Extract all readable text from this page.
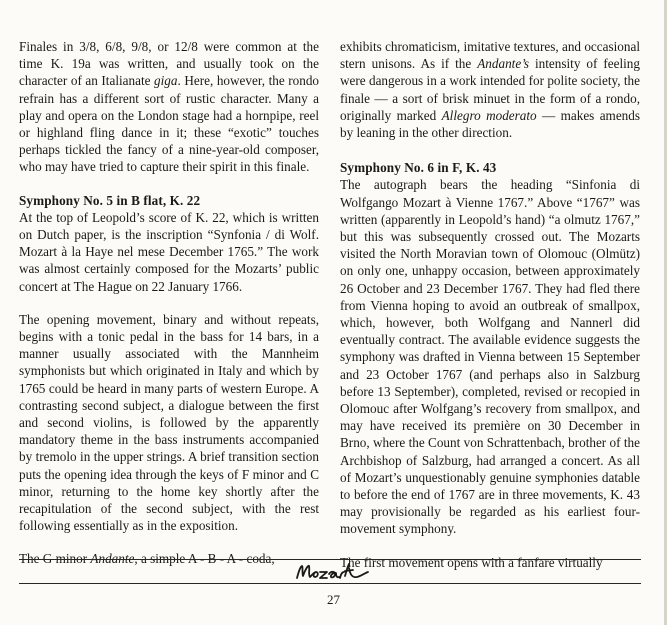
Finales in 3/8, 6/8, 9/8, or 12/8 were common at the time K. 19a was written, and usually took on the character of an Italianate giga. Here, however, the rondo refrain has a different sort of rustic character. Many a play and opera on the London stage had a hornpipe, reel or highland fling dance in it; these “exotic” touches perhaps tickled the fancy of a nine-year-old composer, who may have tried to capture their spirit in this finale.

Symphony No. 5 in B flat, K. 22

At the top of Leopold’s score of K. 22, which is written on Dutch paper, is the inscription “Synfonia / di Wolf. Mozart à la Haye nel mese December 1765.” The work was almost certainly composed for the Mozarts’ public concert at The Hague on 22 January 1766.

The opening movement, binary and without repeats, begins with a tonic pedal in the bass for 14 bars, in a manner usually associated with the Mannheim symphonists but which originated in Italy and which by 1765 could be heard in many parts of western Europe. A contrasting second subject, a dialogue between the first and second violins, is followed by the apparently mandatory theme in the bass instruments accompanied by tremolo in the upper strings. A brief transition section puts the opening idea through the keys of F minor and C minor, returning to the home key shortly after the recapitulation of the second subject, with the rest following essentially as in the exposition.

The G minor Andante, a simple A - B - A - coda,

exhibits chromaticism, imitative textures, and occasional stern unisons. As if the Andante’s intensity of feeling were dangerous in a work intended for polite society, the finale — a sort of brisk minuet in the form of a rondo, originally marked Allegro moderato — makes amends by leaning in the other direction.

Symphony No. 6 in F, K. 43

The autograph bears the heading “Sinfonia di Wolfgango Mozart à Vienne 1767.” Above “1767” was written (apparently in Leopold’s hand) “a olmutz 1767,” but this was subsequently crossed out. The Mozarts visited the North Moravian town of Olomouc (Olmütz) on only one, unhappy occasion, between approximately 26 October and 23 December 1767. They had fled there from Vienna hoping to avoid an outbreak of smallpox, which, however, both Wolfgang and Nannerl did eventually contract. The available evidence suggests the symphony was drafted in Vienna between 15 September and 23 October 1767 (and perhaps also in Salzburg before 13 September), completed, revised or recopied in Olomouc after Wolfgang’s recovery from smallpox, and may have received its première on 30 December in Brno, where the Count von Schrattenbach, brother of the Archbishop of Salzburg, had arranged a concert. As all of Mozart’s unquestionably genuine symphonies datable to before the end of 1767 are in three movements, K. 43 may provisionally be regarded as his earliest four-movement symphony.

The first movement opens with a fanfare virtually

27
